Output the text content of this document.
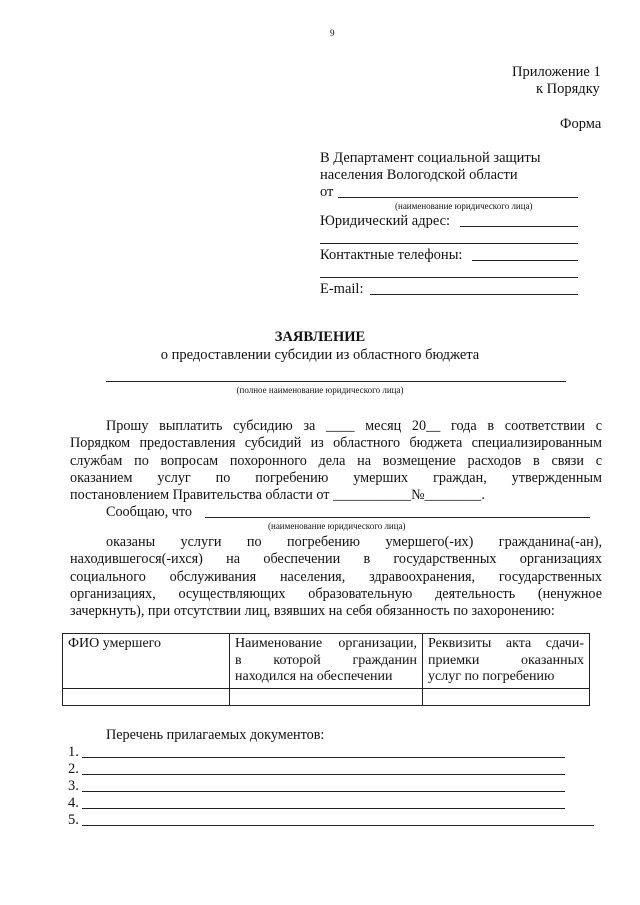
9
Приложение 1
к Порядку
Форма
В Департамент социальной защиты
населения Вологодской области
от
(наименование юридического лица)
Юридический адрес:
Контактные телефоны:
E-mail:
ЗАЯВЛЕНИЕ
о предоставлении субсидии из областного бюджета
(полное наименование юридического лица)
Прошу выплатить субсидию за ____ месяц 20__ года в соответствии с
Порядком предоставления субсидий из областного бюджета специализированным
службам по вопросам похоронного дела на возмещение расходов в связи с
оказанием услуг по погребению умерших граждан, утвержденным
постановлением Правительства области от ___________№________.
Сообщаю, что
(наименование юридического лица)
оказаны услуги по погребению умершего(-их) гражданина(-ан),
находившегося(-ихся) на обеспечении в государственных организациях
социального обслуживания населения, здравоохранения, государственных
организациях, осуществляющих образовательную деятельность (ненужное
зачеркнуть), при отсутствии лиц, взявших на себя обязанность по захоронению:
ФИО умершего	Наименование организации,
в которой гражданин
находился на обеспечении	Реквизиты акта сдачи-
приемки оказанных
услуг по погребению

Перечень прилагаемых документов:
1.
2.
3.
4.
5.
